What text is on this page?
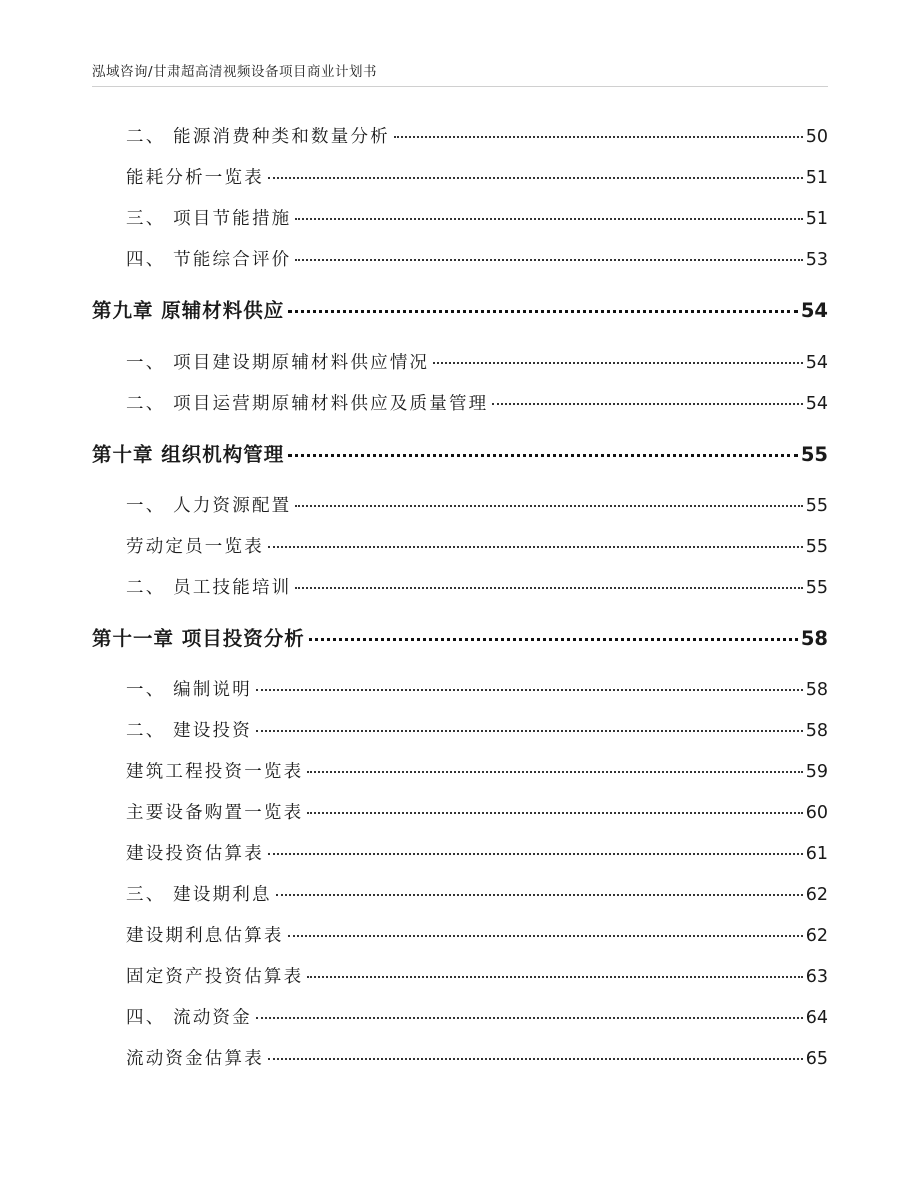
泓域咨询/甘肃超高清视频设备项目商业计划书
二、 能源消费种类和数量分析	50
能耗分析一览表	51
三、 项目节能措施	51
四、 节能综合评价	53
第九章 原辅材料供应	54
一、 项目建设期原辅材料供应情况	54
二、 项目运营期原辅材料供应及质量管理	54
第十章 组织机构管理	55
一、 人力资源配置	55
劳动定员一览表	55
二、 员工技能培训	55
第十一章 项目投资分析	58
一、 编制说明	58
二、 建设投资	58
建筑工程投资一览表	59
主要设备购置一览表	60
建设投资估算表	61
三、 建设期利息	62
建设期利息估算表	62
固定资产投资估算表	63
四、 流动资金	64
流动资金估算表	65
